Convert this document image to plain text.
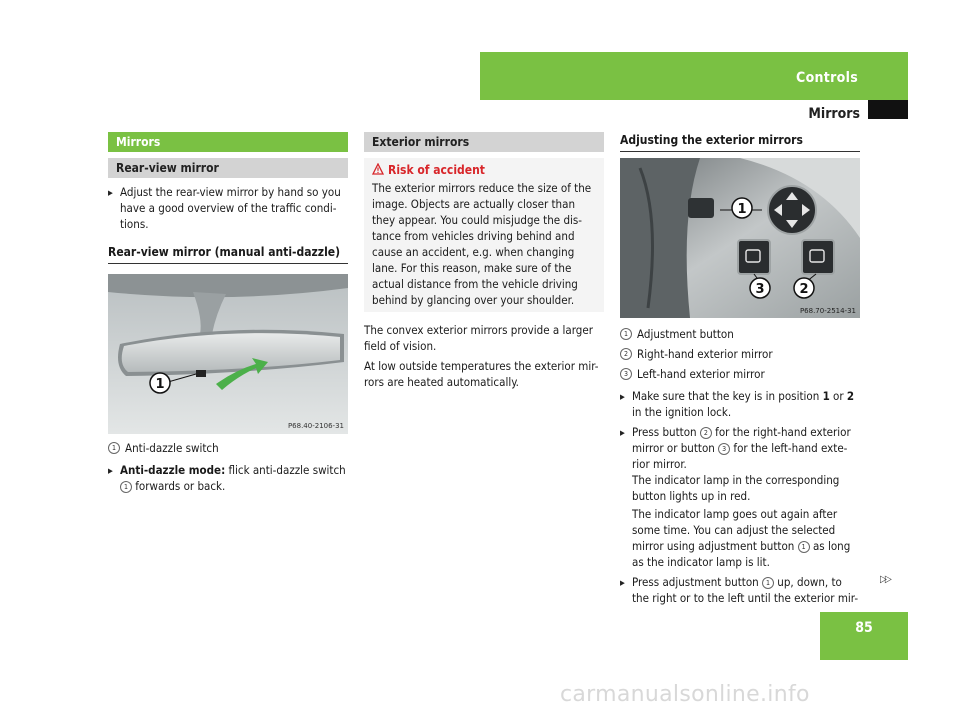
Controls
Mirrors
Mirrors
Rear-view mirror
▶ Adjust the rear-view mirror by hand so you have a good overview of the traffic condi- tions.
Rear-view mirror (manual anti-dazzle)
1
P68.40-2106-31
1 Anti-dazzle switch
▶ Anti-dazzle mode: flick anti-dazzle switch 1 forwards or back.
Exterior mirrors
Risk of accident

The exterior mirrors reduce the size of the image. Objects are actually closer than they appear. You could misjudge the dis- tance from vehicles driving behind and cause an accident, e.g. when changing lane. For this reason, make sure of the actual distance from the vehicle driving behind by glancing over your shoulder.

The convex exterior mirrors provide a larger field of vision.

At low outside temperatures the exterior mir- rors are heated automatically.

Adjusting the exterior mirrors
1
3	2
P68.70-2514-31
1 Adjustment button
2 Right-hand exterior mirror
3 Left-hand exterior mirror
▶ Make sure that the key is in position 1 or 2 in the ignition lock.
▶ Press button 2 for the right-hand exterior mirror or button 3 for the left-hand exte- rior mirror.

The indicator lamp in the corresponding button lights up in red.

The indicator lamp goes out again after some time. You can adjust the selected mirror using adjustment button 1 as long as the indicator lamp is lit.

▶ Press adjustment button 1 up, down, to the right or to the left until the exterior mir-
▷▷
85
carmanualsonline.info
